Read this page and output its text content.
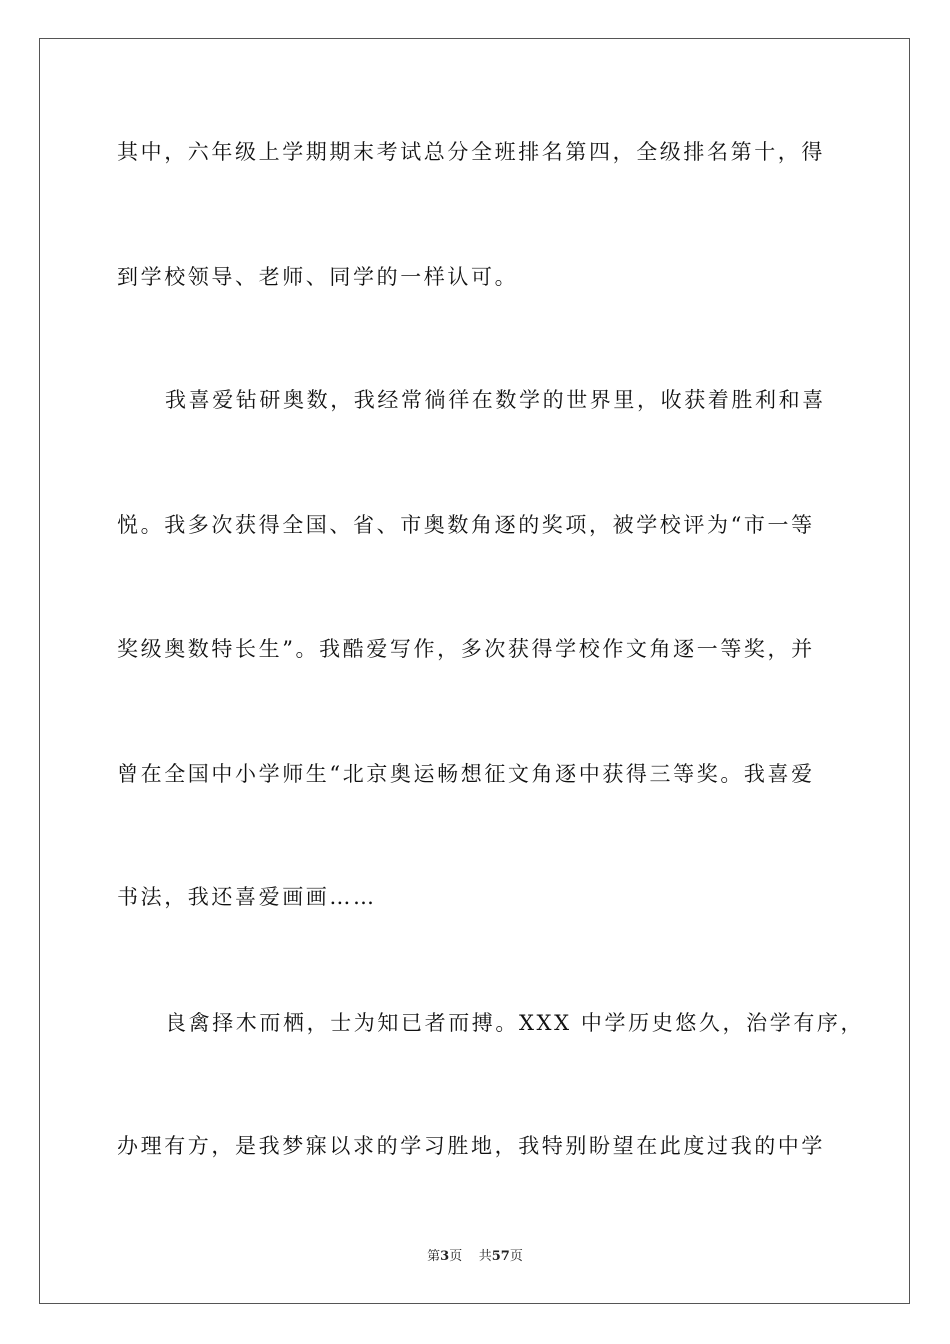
其中，六年级上学期期末考试总分全班排名第四，全级排名第十，得
到学校领导、老师、同学的一样认可。
我喜爱钻研奥数，我经常徜徉在数学的世界里，收获着胜利和喜
悦。我多次获得全国、省、市奥数角逐的奖项，被学校评为“市一等
奖级奥数特长生”。我酷爱写作，多次获得学校作文角逐一等奖，并
曾在全国中小学师生“北京奥运畅想征文角逐中获得三等奖。我喜爱
书法，我还喜爱画画……
良禽择木而栖，士为知已者而搏。XXX 中学历史悠久，治学有序，
办理有方，是我梦寐以求的学习胜地，我特别盼望在此度过我的中学
第3页 共57页
